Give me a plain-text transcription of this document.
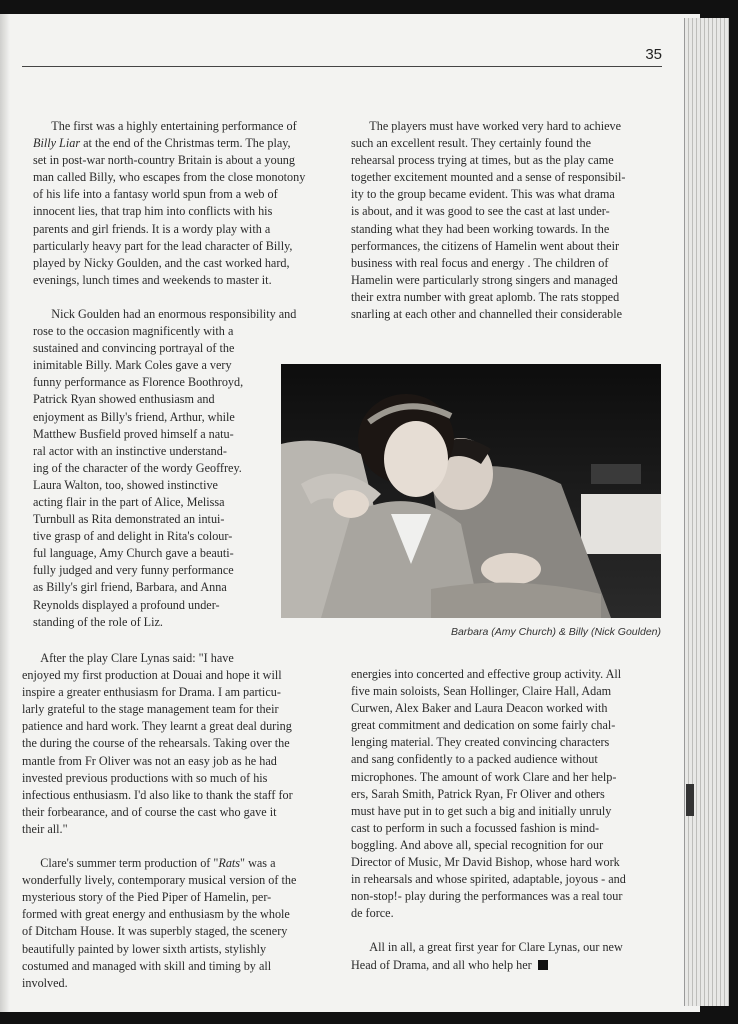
35

  The first was a highly entertaining performance of

Billy Liar at the end of the Christmas term. The play,

set in post-war north-country Britain is about a young

man called Billy, who escapes from the close monotony

of his life into a fantasy world spun from a web of

innocent lies, that trap him into conflicts with his

parents and girl friends. It is a wordy play with a

particularly heavy part for the lead character of Billy,

played by Nicky Goulden, and the cast worked hard,

evenings, lunch times and weekends to master it.

  Nick Goulden had an enormous responsibility and

rose to the occasion magnificently with a

sustained and convincing portrayal of the

inimitable Billy. Mark Coles gave a very

funny performance as Florence Boothroyd,

Patrick Ryan showed enthusiasm and

enjoyment as Billy's friend, Arthur, while

Matthew Busfield proved himself a natu-

ral actor with an instinctive understand-

ing of the character of the wordy Geoffrey.

Laura Walton, too, showed instinctive

acting flair in the part of Alice, Melissa

Turnbull as Rita demonstrated an intui-

tive grasp of and delight in Rita's colour-

ful language, Amy Church gave a beauti-

fully judged and very funny performance

as Billy's girl friend, Barbara, and Anna

Reynolds displayed a profound under-

standing of the role of Liz.

  The players must have worked very hard to achieve

such an excellent result. They certainly found the

rehearsal process trying at times, but as the play came

together excitement mounted and a sense of responsibil-

ity to the group became evident. This was what drama

is about, and it was good to see the cast at last under-

standing what they had been working towards. In the

performances, the citizens of Hamelin went about their

business with real focus and energy . The children of

Hamelin were particularly strong singers and managed

their extra number with great aplomb. The rats stopped

snarling at each other and channelled their considerable

Barbara (Amy Church) & Billy (Nick Goulden)

  After the play Clare Lynas said: "I have

enjoyed my first production at Douai and hope it will

inspire a greater enthusiasm for Drama. I am particu-

larly grateful to the stage management team for their

patience and hard work. They learnt a great deal during

the during the course of the rehearsals. Taking over the

mantle from Fr Oliver was not an easy job as he had

invested previous productions with so much of his

infectious enthusiasm. I'd also like to thank the staff for

their forbearance, and of course the cast who gave it

their all."

  Clare's summer term production of "Rats" was a

wonderfully lively, contemporary musical version of the

mysterious story of the Pied Piper of Hamelin, per-

formed with great energy and enthusiasm by the whole

of Ditcham House. It was superbly staged, the scenery

beautifully painted by lower sixth artists, stylishly

costumed and managed with skill and timing by all

involved.

energies into concerted and effective group activity. All

five main soloists, Sean Hollinger, Claire Hall, Adam

Curwen, Alex Baker and Laura Deacon worked with

great commitment and dedication on some fairly chal-

lenging material. They created convincing characters

and sang confidently to a packed audience without

microphones. The amount of work Clare and her help-

ers, Sarah Smith, Patrick Ryan, Fr Oliver and others

must have put in to get such a big and initially unruly

cast to perform in such a focussed fashion is mind-

boggling. And above all, special recognition for our

Director of Music, Mr David Bishop, whose hard work

in rehearsals and whose spirited, adaptable, joyous - and

non-stop!- play during the performances was a real tour

de force.

  All in all, a great first year for Clare Lynas, our new

Head of Drama, and all who help her
